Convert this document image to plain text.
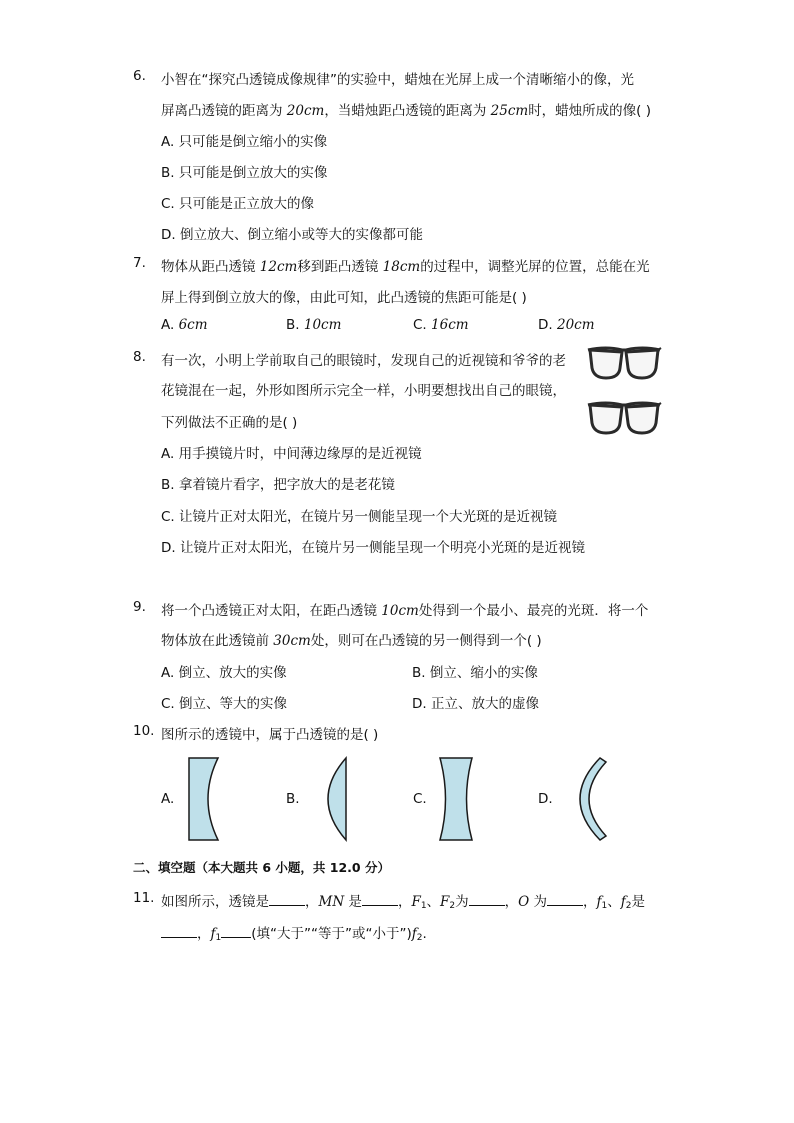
6. 小智在“探究凸透镜成像规律”的实验中，蜡烛在光屏上成一个清晰缩小的像，光
屏离凸透镜的距离为 20cm，当蜡烛距凸透镜的距离为 25cm时，蜡烛所成的像( )
A. 只可能是倒立缩小的实像
B. 只可能是倒立放大的实像
C. 只可能是正立放大的像
D. 倒立放大、倒立缩小或等大的实像都可能
7. 物体从距凸透镜 12cm移到距凸透镜 18cm的过程中，调整光屏的位置，总能在光
屏上得到倒立放大的像，由此可知，此凸透镜的焦距可能是( )
A. 6cm	B. 10cm	C. 16cm	D. 20cm
8. 有一次，小明上学前取自己的眼镜时，发现自己的近视镜和爷爷的老
花镜混在一起，外形如图所示完全一样，小明要想找出自己的眼镜，
下列做法不正确的是( )
A. 用手摸镜片时，中间薄边缘厚的是近视镜
B. 拿着镜片看字，把字放大的是老花镜
C. 让镜片正对太阳光，在镜片另一侧能呈现一个大光斑的是近视镜
D. 让镜片正对太阳光，在镜片另一侧能呈现一个明亮小光斑的是近视镜
9. 将一个凸透镜正对太阳，在距凸透镜 10cm处得到一个最小、最亮的光斑．将一个
物体放在此透镜前 30cm处，则可在凸透镜的另一侧得到一个( )
A. 倒立、放大的实像	B. 倒立、缩小的实像
C. 倒立、等大的实像	D. 正立、放大的虚像
10. 图所示的透镜中，属于凸透镜的是( )
A.	B.	C.	D.
二、填空题（本大题共 6 小题，共 12.0 分）
11. 如图所示，透镜是	，MN 是	，$F_1$、$F_2$为	，O 为	，$f_1$、$f_2$是
，$f_1$ (填“大于”“等于”或“小于$”)f_2$.
